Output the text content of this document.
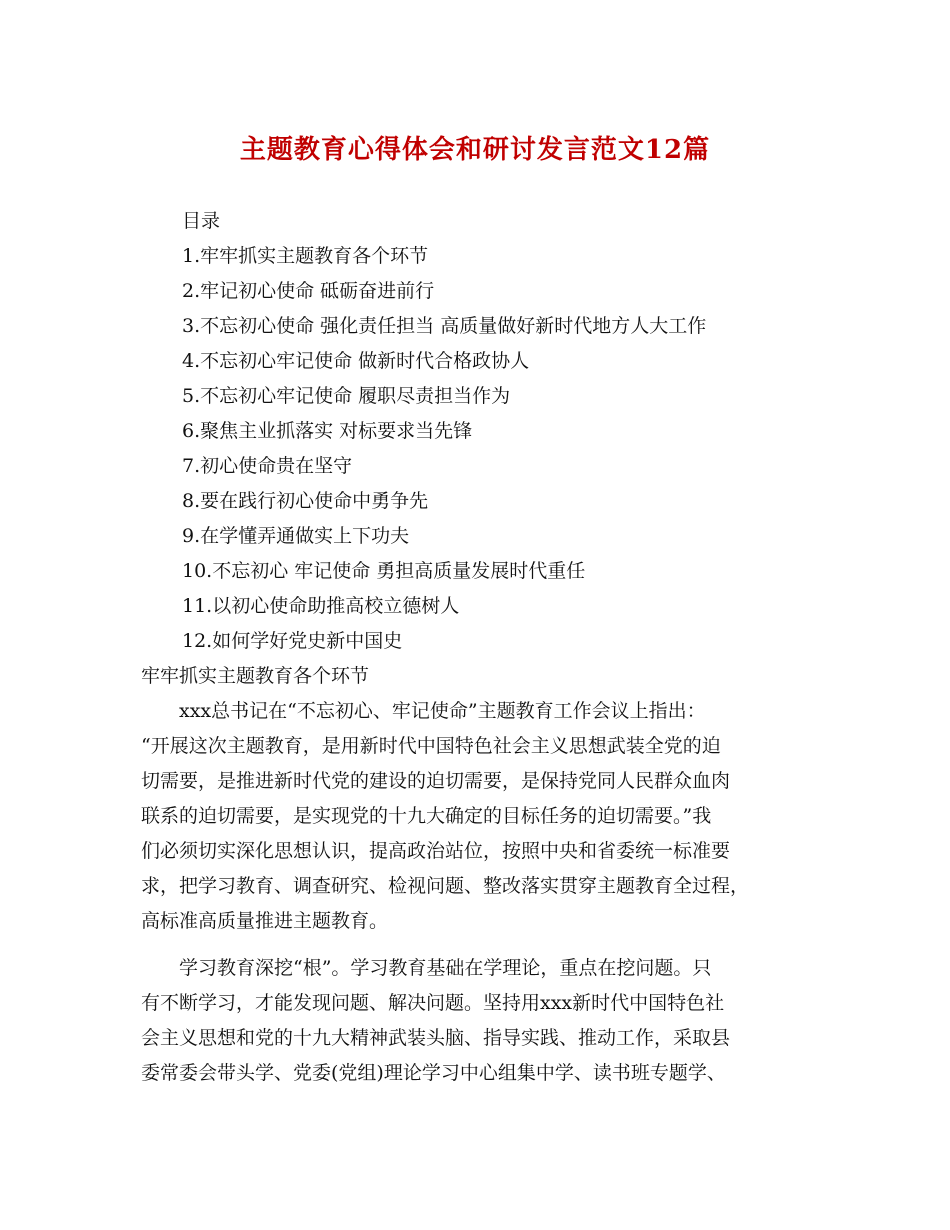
主题教育心得体会和研讨发言范文12篇
目录
1.牢牢抓实主题教育各个环节
2.牢记初心使命 砥砺奋进前行
3.不忘初心使命 强化责任担当 高质量做好新时代地方人大工作
4.不忘初心牢记使命 做新时代合格政协人
5.不忘初心牢记使命 履职尽责担当作为
6.聚焦主业抓落实 对标要求当先锋
7.初心使命贵在坚守
8.要在践行初心使命中勇争先
9.在学懂弄通做实上下功夫
10.不忘初心 牢记使命 勇担高质量发展时代重任
11.以初心使命助推高校立德树人
12.如何学好党史新中国史
牢牢抓实主题教育各个环节
　　xxx总书记在“不忘初心、牢记使命”主题教育工作会议上指出：
“开展这次主题教育，是用新时代中国特色社会主义思想武装全党的迫
切需要，是推进新时代党的建设的迫切需要，是保持党同人民群众血肉
联系的迫切需要，是实现党的十九大确定的目标任务的迫切需要。”我
们必须切实深化思想认识，提高政治站位，按照中央和省委统一标准要
求，把学习教育、调查研究、检视问题、整改落实贯穿主题教育全过程，
高标准高质量推进主题教育。
　　学习教育深挖“根”。学习教育基础在学理论，重点在挖问题。只
有不断学习，才能发现问题、解决问题。坚持用xxx新时代中国特色社
会主义思想和党的十九大精神武装头脑、指导实践、推动工作，采取县
委常委会带头学、党委(党组)理论学习中心组集中学、读书班专题学、
